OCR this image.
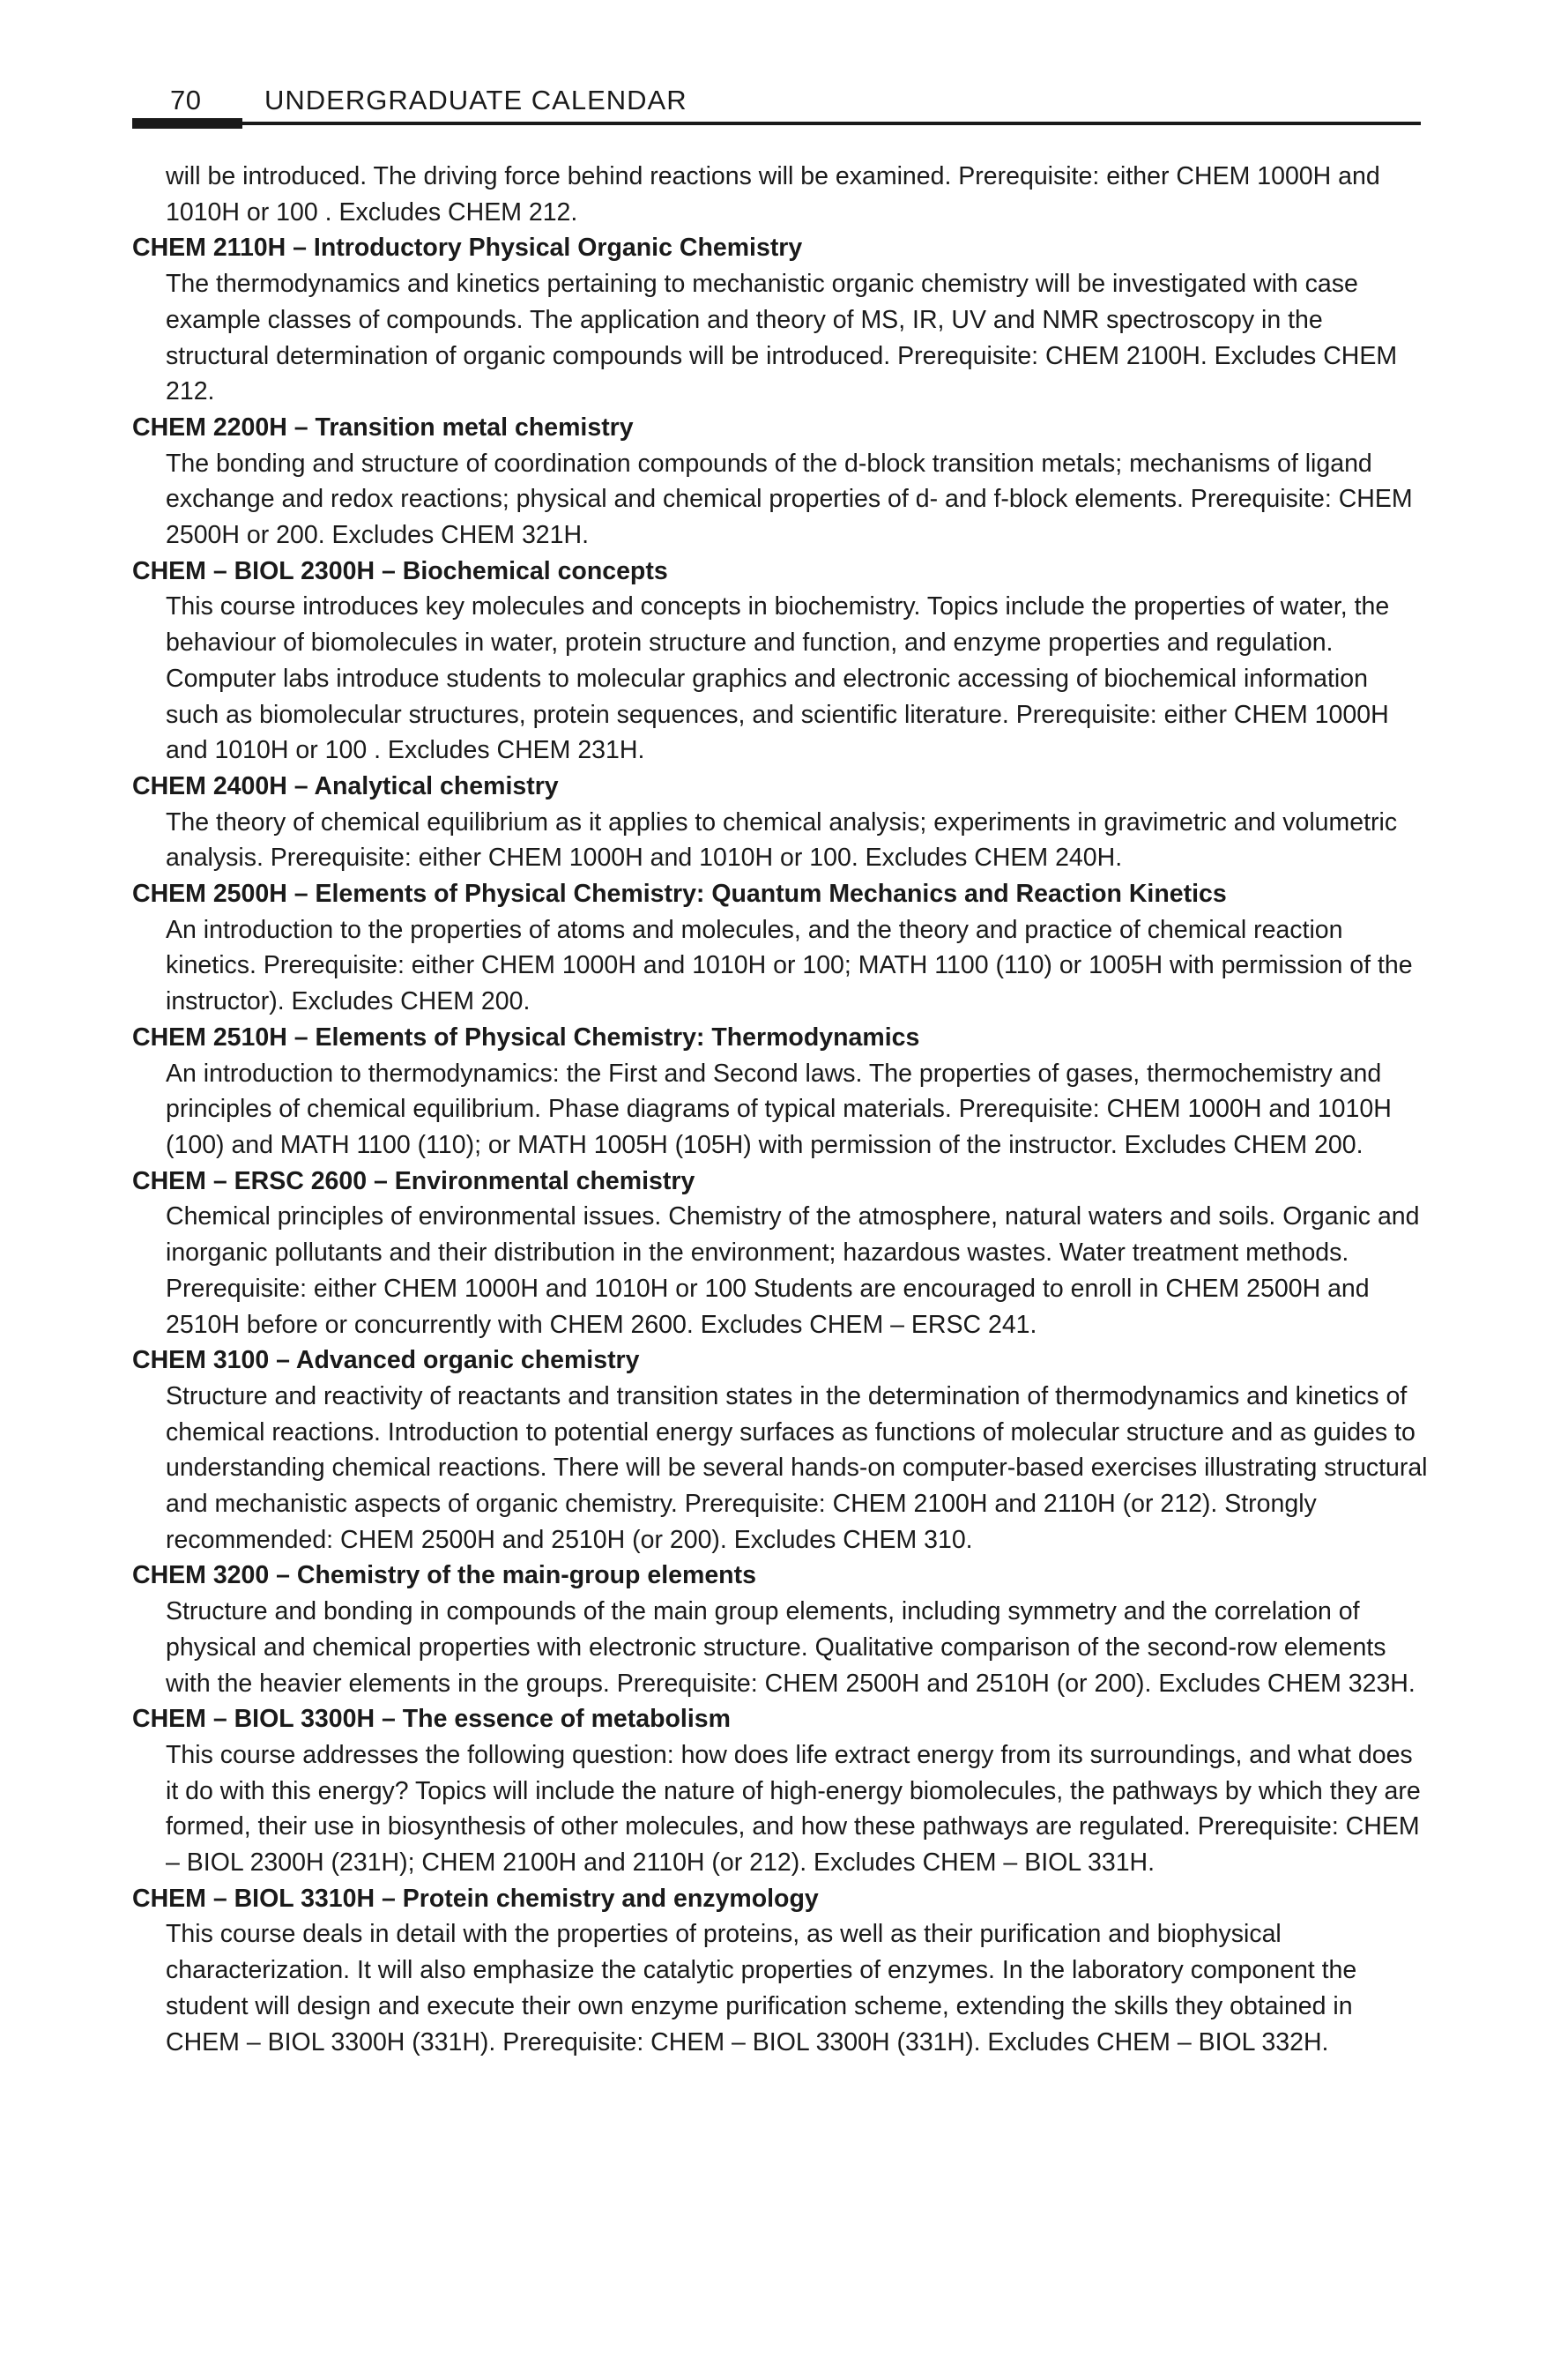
70 UNDERGRADUATE CALENDAR

will be introduced. The driving force behind reactions will be examined. Prerequisite: either CHEM 1000H and 1010H or 100 . Excludes CHEM 212.

CHEM 2110H – Introductory Physical Organic Chemistry

The thermodynamics and kinetics pertaining to mechanistic organic chemistry will be investigated with case example classes of compounds. The application and theory of MS, IR, UV and NMR spectroscopy in the structural determination of organic compounds will be introduced. Prerequisite: CHEM 2100H. Excludes CHEM 212.

CHEM 2200H – Transition metal chemistry

The bonding and structure of coordination compounds of the d-block transition metals; mechanisms of ligand exchange and redox reactions; physical and chemical properties of d- and f-block elements. Prerequisite: CHEM 2500H or 200. Excludes CHEM 321H.

CHEM – BIOL 2300H – Biochemical concepts

This course introduces key molecules and concepts in biochemistry. Topics include the properties of water, the behaviour of biomolecules in water, protein structure and function, and enzyme properties and regulation. Computer labs introduce students to molecular graphics and electronic accessing of biochemical information such as biomolecular structures, protein sequences, and scientific literature. Prerequisite: either CHEM 1000H and 1010H or 100 . Excludes CHEM 231H.

CHEM 2400H – Analytical chemistry

The theory of chemical equilibrium as it applies to chemical analysis; experiments in gravimetric and volumetric analysis. Prerequisite: either CHEM 1000H and 1010H or 100. Excludes CHEM 240H.

CHEM 2500H – Elements of Physical Chemistry: Quantum Mechanics and Reaction Kinetics

An introduction to the properties of atoms and molecules, and the theory and practice of chemical reaction kinetics. Prerequisite: either CHEM 1000H and 1010H or 100; MATH 1100 (110) or 1005H with permission of the instructor). Excludes CHEM 200.

CHEM 2510H – Elements of Physical Chemistry: Thermodynamics

An introduction to thermodynamics: the First and Second laws. The properties of gases, thermochemistry and principles of chemical equilibrium. Phase diagrams of typical materials. Prerequisite: CHEM 1000H and 1010H (100) and MATH 1100 (110); or MATH 1005H (105H) with permission of the instructor. Excludes CHEM 200.

CHEM – ERSC 2600 – Environmental chemistry

Chemical principles of environmental issues. Chemistry of the atmosphere, natural waters and soils. Organic and inorganic pollutants and their distribution in the environment; hazardous wastes. Water treatment methods. Prerequisite: either CHEM 1000H and 1010H or 100 Students are encouraged to enroll in CHEM 2500H and 2510H before or concurrently with CHEM 2600. Excludes CHEM – ERSC 241.

CHEM 3100 – Advanced organic chemistry

Structure and reactivity of reactants and transition states in the determination of thermodynamics and kinetics of chemical reactions. Introduction to potential energy surfaces as functions of molecular structure and as guides to understanding chemical reactions. There will be several hands-on computer-based exercises illustrating structural and mechanistic aspects of organic chemistry. Prerequisite: CHEM 2100H and 2110H (or 212). Strongly recommended: CHEM 2500H and 2510H (or 200). Excludes CHEM 310.

CHEM 3200 – Chemistry of the main-group elements

Structure and bonding in compounds of the main group elements, including symmetry and the correlation of physical and chemical properties with electronic structure. Qualitative comparison of the second-row elements with the heavier elements in the groups. Prerequisite: CHEM 2500H and 2510H (or 200). Excludes CHEM 323H.

CHEM – BIOL 3300H – The essence of metabolism

This course addresses the following question: how does life extract energy from its surroundings, and what does it do with this energy? Topics will include the nature of high-energy biomolecules, the pathways by which they are formed, their use in biosynthesis of other molecules, and how these pathways are regulated. Prerequisite: CHEM – BIOL 2300H (231H); CHEM 2100H and 2110H (or 212). Excludes CHEM – BIOL 331H.

CHEM – BIOL 3310H – Protein chemistry and enzymology

This course deals in detail with the properties of proteins, as well as their purification and biophysical characterization. It will also emphasize the catalytic properties of enzymes. In the laboratory component the student will design and execute their own enzyme purification scheme, extending the skills they obtained in CHEM – BIOL 3300H (331H). Prerequisite: CHEM – BIOL 3300H (331H). Excludes CHEM – BIOL 332H.
